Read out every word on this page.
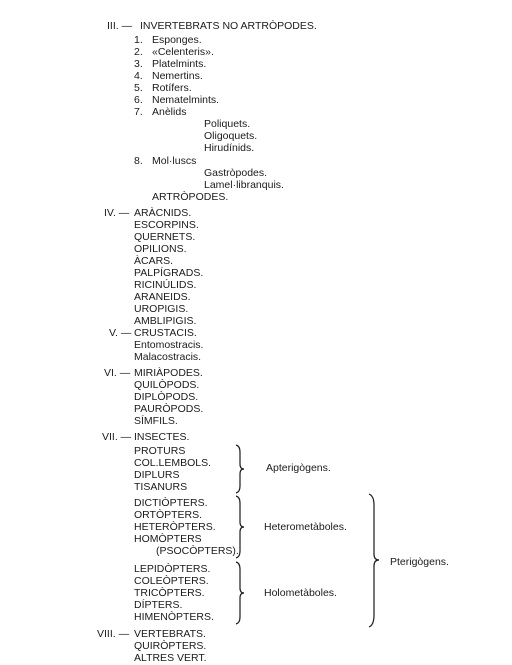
III. — INVERTEBRATS NO ARTRÒPODES.
1. Esponges.
2. «Celenteris».
3. Platelmints.
4. Nemertins.
5. Rotífers.
6. Nematelmints.
7. Anèlids
Poliquets.
Oligoquets.
Hirudínids.
8. Mol·luscs
Gastròpodes.
Lamel·libranquis.
ARTRÒPODES.
IV. — ARÀCNIDS.
ESCORPINS.
QUERNETS.
OPILIONS.
ÀCARS.
PALPÍGRADS.
RICINÚLIDS.
ARANEIDS.
UROPIGIS.
AMBLIPIGIS.
V. — CRUSTACIS.
Entomostracis.
Malacostracis.
VI. — MIRIÀPODES.
QUILÒPODS.
DIPLÒPODS.
PAURÒPODS.
SÍMFILS.
VII. — INSECTES.
PROTURS
COL.LEMBOLS.
DIPLURS
TISANURS
DICTIÒPTERS.
ORTÒPTERS.
HETERÒPTERS.
HOMÒPTERS
(PSOCÒPTERS).
LEPIDÒPTERS.
COLEÒPTERS.
TRICÒPTERS.
DÍPTERS.
HIMENÒPTERS.
Apterigògens.
Heterometàboles.
Holometàboles.
Pterigògens.
VIII. — VERTEBRATS.
QUIRÒPTERS.
ALTRES VERT.
